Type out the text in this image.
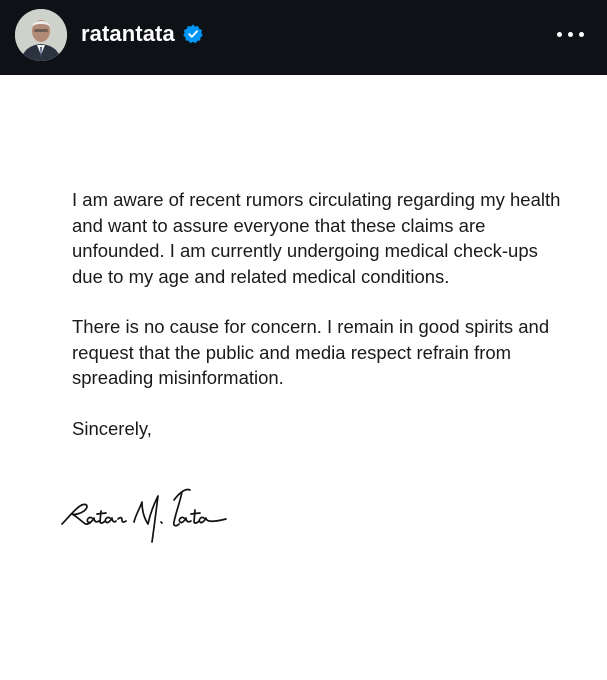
ratantata

I am aware of recent rumors circulating regarding my health and want to assure everyone that these claims are unfounded. I am currently undergoing medical check-ups due to my age and related medical conditions.

There is no cause for concern. I remain in good spirits and request that the public and media respect refrain from spreading misinformation.

Sincerely,
